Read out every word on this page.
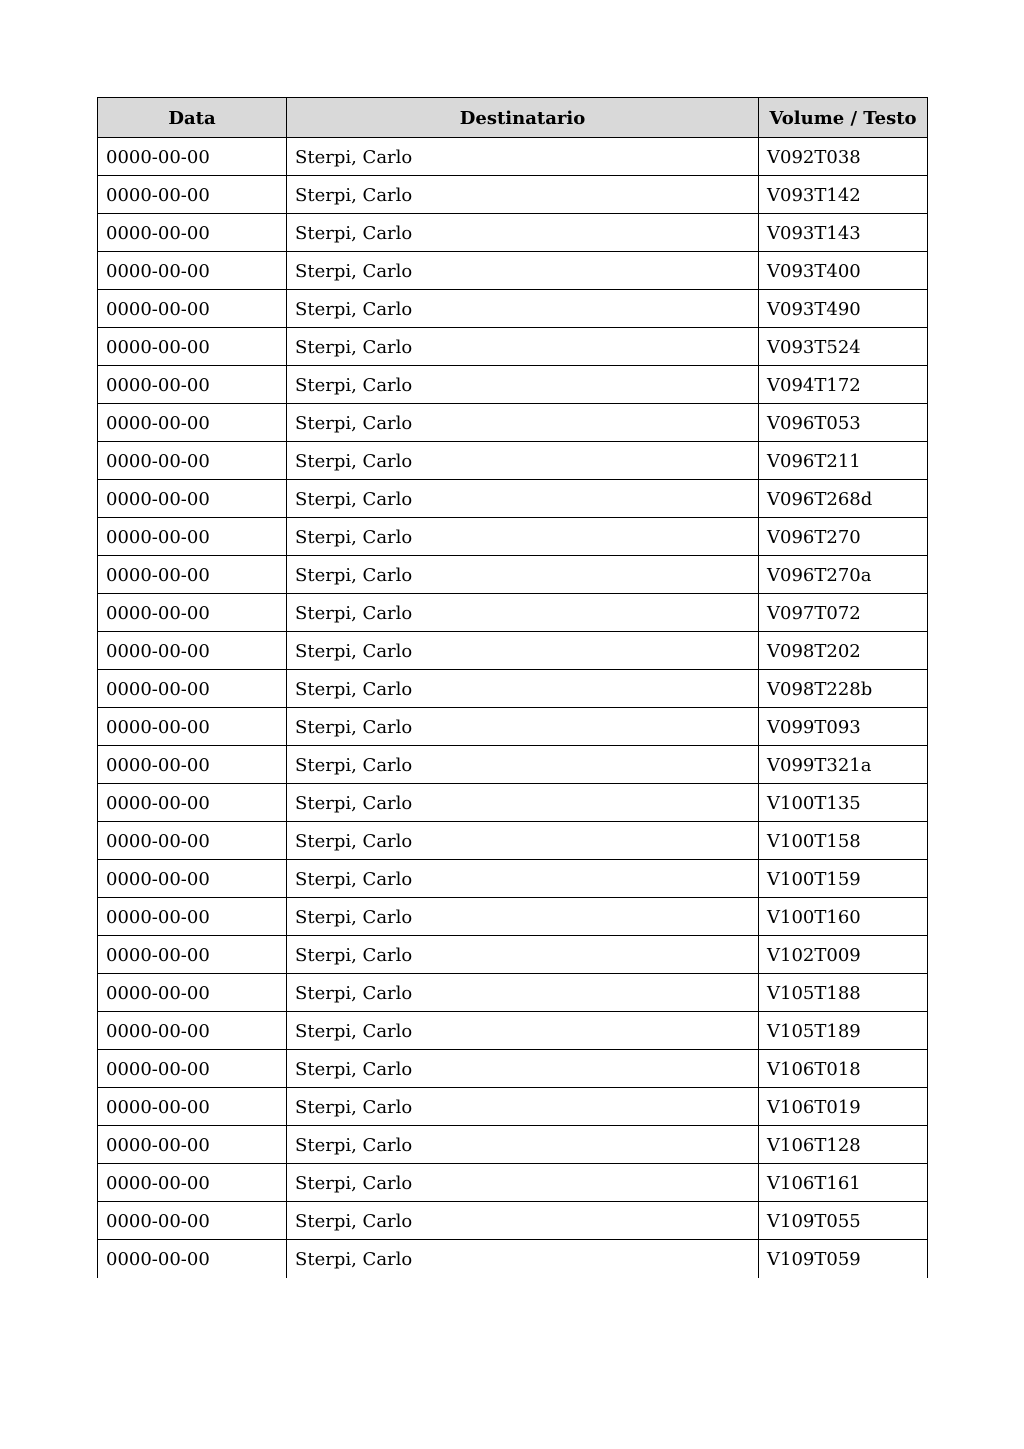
Data	Destinatario	Volume / Testo
0000-00-00	Sterpi, Carlo	V092T038
0000-00-00	Sterpi, Carlo	V093T142
0000-00-00	Sterpi, Carlo	V093T143
0000-00-00	Sterpi, Carlo	V093T400
0000-00-00	Sterpi, Carlo	V093T490
0000-00-00	Sterpi, Carlo	V093T524
0000-00-00	Sterpi, Carlo	V094T172
0000-00-00	Sterpi, Carlo	V096T053
0000-00-00	Sterpi, Carlo	V096T211
0000-00-00	Sterpi, Carlo	V096T268d
0000-00-00	Sterpi, Carlo	V096T270
0000-00-00	Sterpi, Carlo	V096T270a
0000-00-00	Sterpi, Carlo	V097T072
0000-00-00	Sterpi, Carlo	V098T202
0000-00-00	Sterpi, Carlo	V098T228b
0000-00-00	Sterpi, Carlo	V099T093
0000-00-00	Sterpi, Carlo	V099T321a
0000-00-00	Sterpi, Carlo	V100T135
0000-00-00	Sterpi, Carlo	V100T158
0000-00-00	Sterpi, Carlo	V100T159
0000-00-00	Sterpi, Carlo	V100T160
0000-00-00	Sterpi, Carlo	V102T009
0000-00-00	Sterpi, Carlo	V105T188
0000-00-00	Sterpi, Carlo	V105T189
0000-00-00	Sterpi, Carlo	V106T018
0000-00-00	Sterpi, Carlo	V106T019
0000-00-00	Sterpi, Carlo	V106T128
0000-00-00	Sterpi, Carlo	V106T161
0000-00-00	Sterpi, Carlo	V109T055
0000-00-00	Sterpi, Carlo	V109T059
